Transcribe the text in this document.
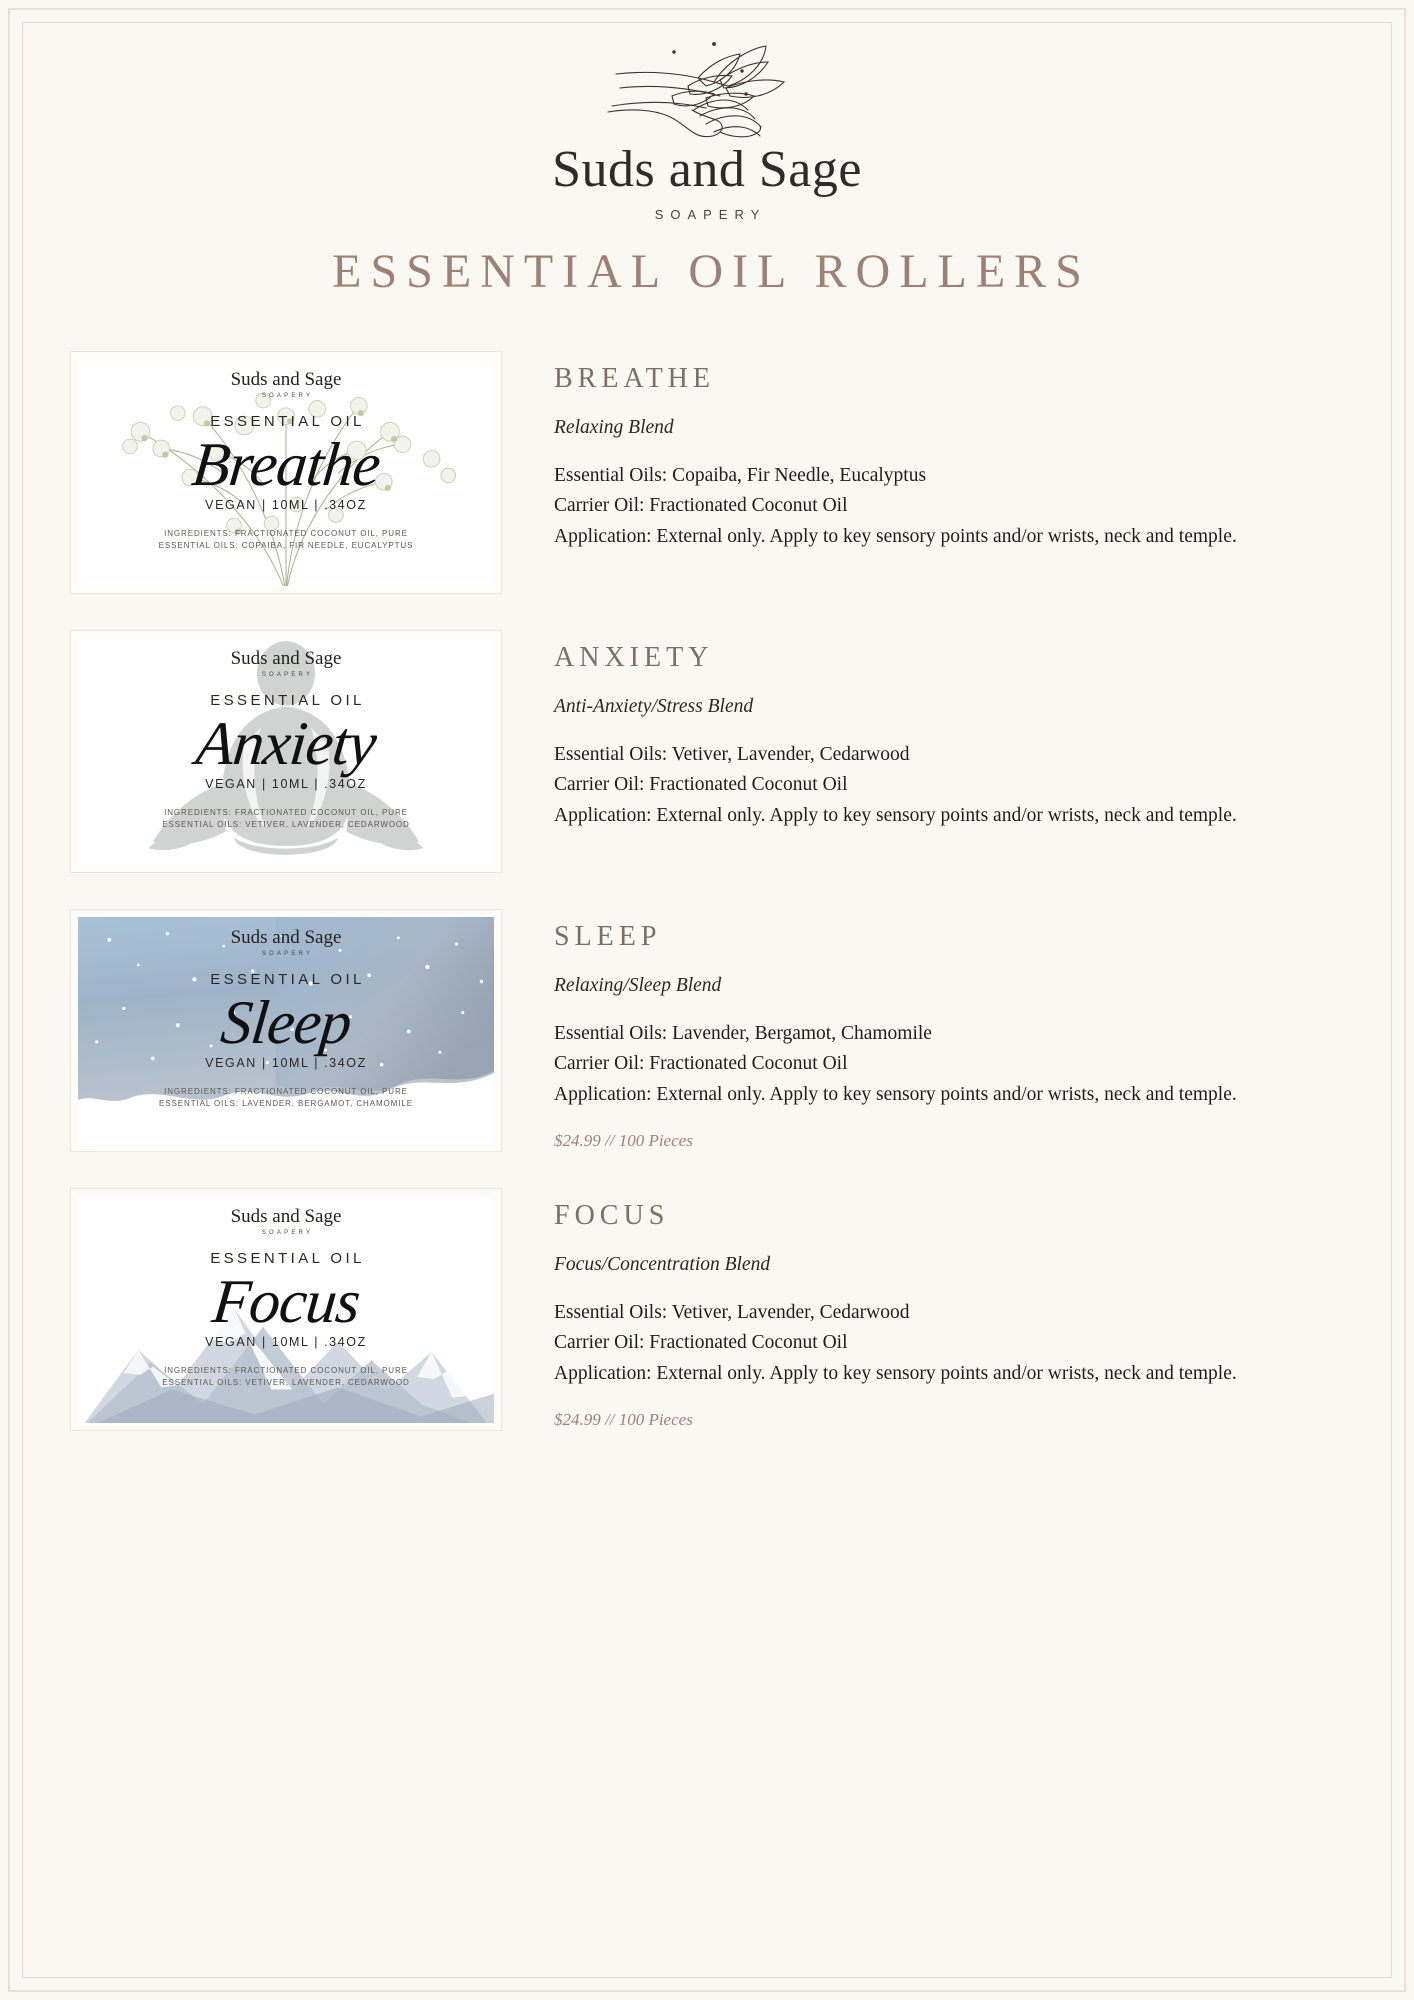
Suds and Sage
SOAPERY
ESSENTIAL OIL ROLLERS
Suds and Sage
SOAPERY
ESSENTIAL OIL
Breathe
VEGAN | 10ML | .34OZ
INGREDIENTS: FRACTIONATED COCONUT OIL, PURE
ESSENTIAL OILS: COPAIBA, FIR NEEDLE, EUCALYPTUS
BREATHE
Relaxing Blend
Essential Oils: Copaiba, Fir Needle, Eucalyptus
Carrier Oil: Fractionated Coconut Oil
Application: External only. Apply to key sensory points and/or wrists, neck and temple.
Suds and Sage
SOAPERY
ESSENTIAL OIL
Anxiety
VEGAN | 10ML | .34OZ
INGREDIENTS: FRACTIONATED COCONUT OIL, PURE
ESSENTIAL OILS: VETIVER, LAVENDER, CEDARWOOD
ANXIETY
Anti-Anxiety/Stress Blend
Essential Oils: Vetiver, Lavender, Cedarwood
Carrier Oil: Fractionated Coconut Oil
Application: External only. Apply to key sensory points and/or wrists, neck and temple.
Suds and Sage
SOAPERY
ESSENTIAL OIL
Sleep
VEGAN | 10ML | .34OZ
INGREDIENTS: FRACTIONATED COCONUT OIL, PURE
ESSENTIAL OILS: LAVENDER, BERGAMOT, CHAMOMILE
SLEEP
Relaxing/Sleep Blend
Essential Oils: Lavender, Bergamot, Chamomile
Carrier Oil: Fractionated Coconut Oil
Application: External only. Apply to key sensory points and/or wrists, neck and temple.
$24.99 // 100 Pieces
Suds and Sage
SOAPERY
ESSENTIAL OIL
Focus
VEGAN | 10ML | .34OZ
INGREDIENTS: FRACTIONATED COCONUT OIL, PURE
ESSENTIAL OILS: VETIVER, LAVENDER, CEDARWOOD
FOCUS
Focus/Concentration Blend
Essential Oils: Vetiver, Lavender, Cedarwood
Carrier Oil: Fractionated Coconut Oil
Application: External only. Apply to key sensory points and/or wrists, neck and temple.
$24.99 // 100 Pieces
